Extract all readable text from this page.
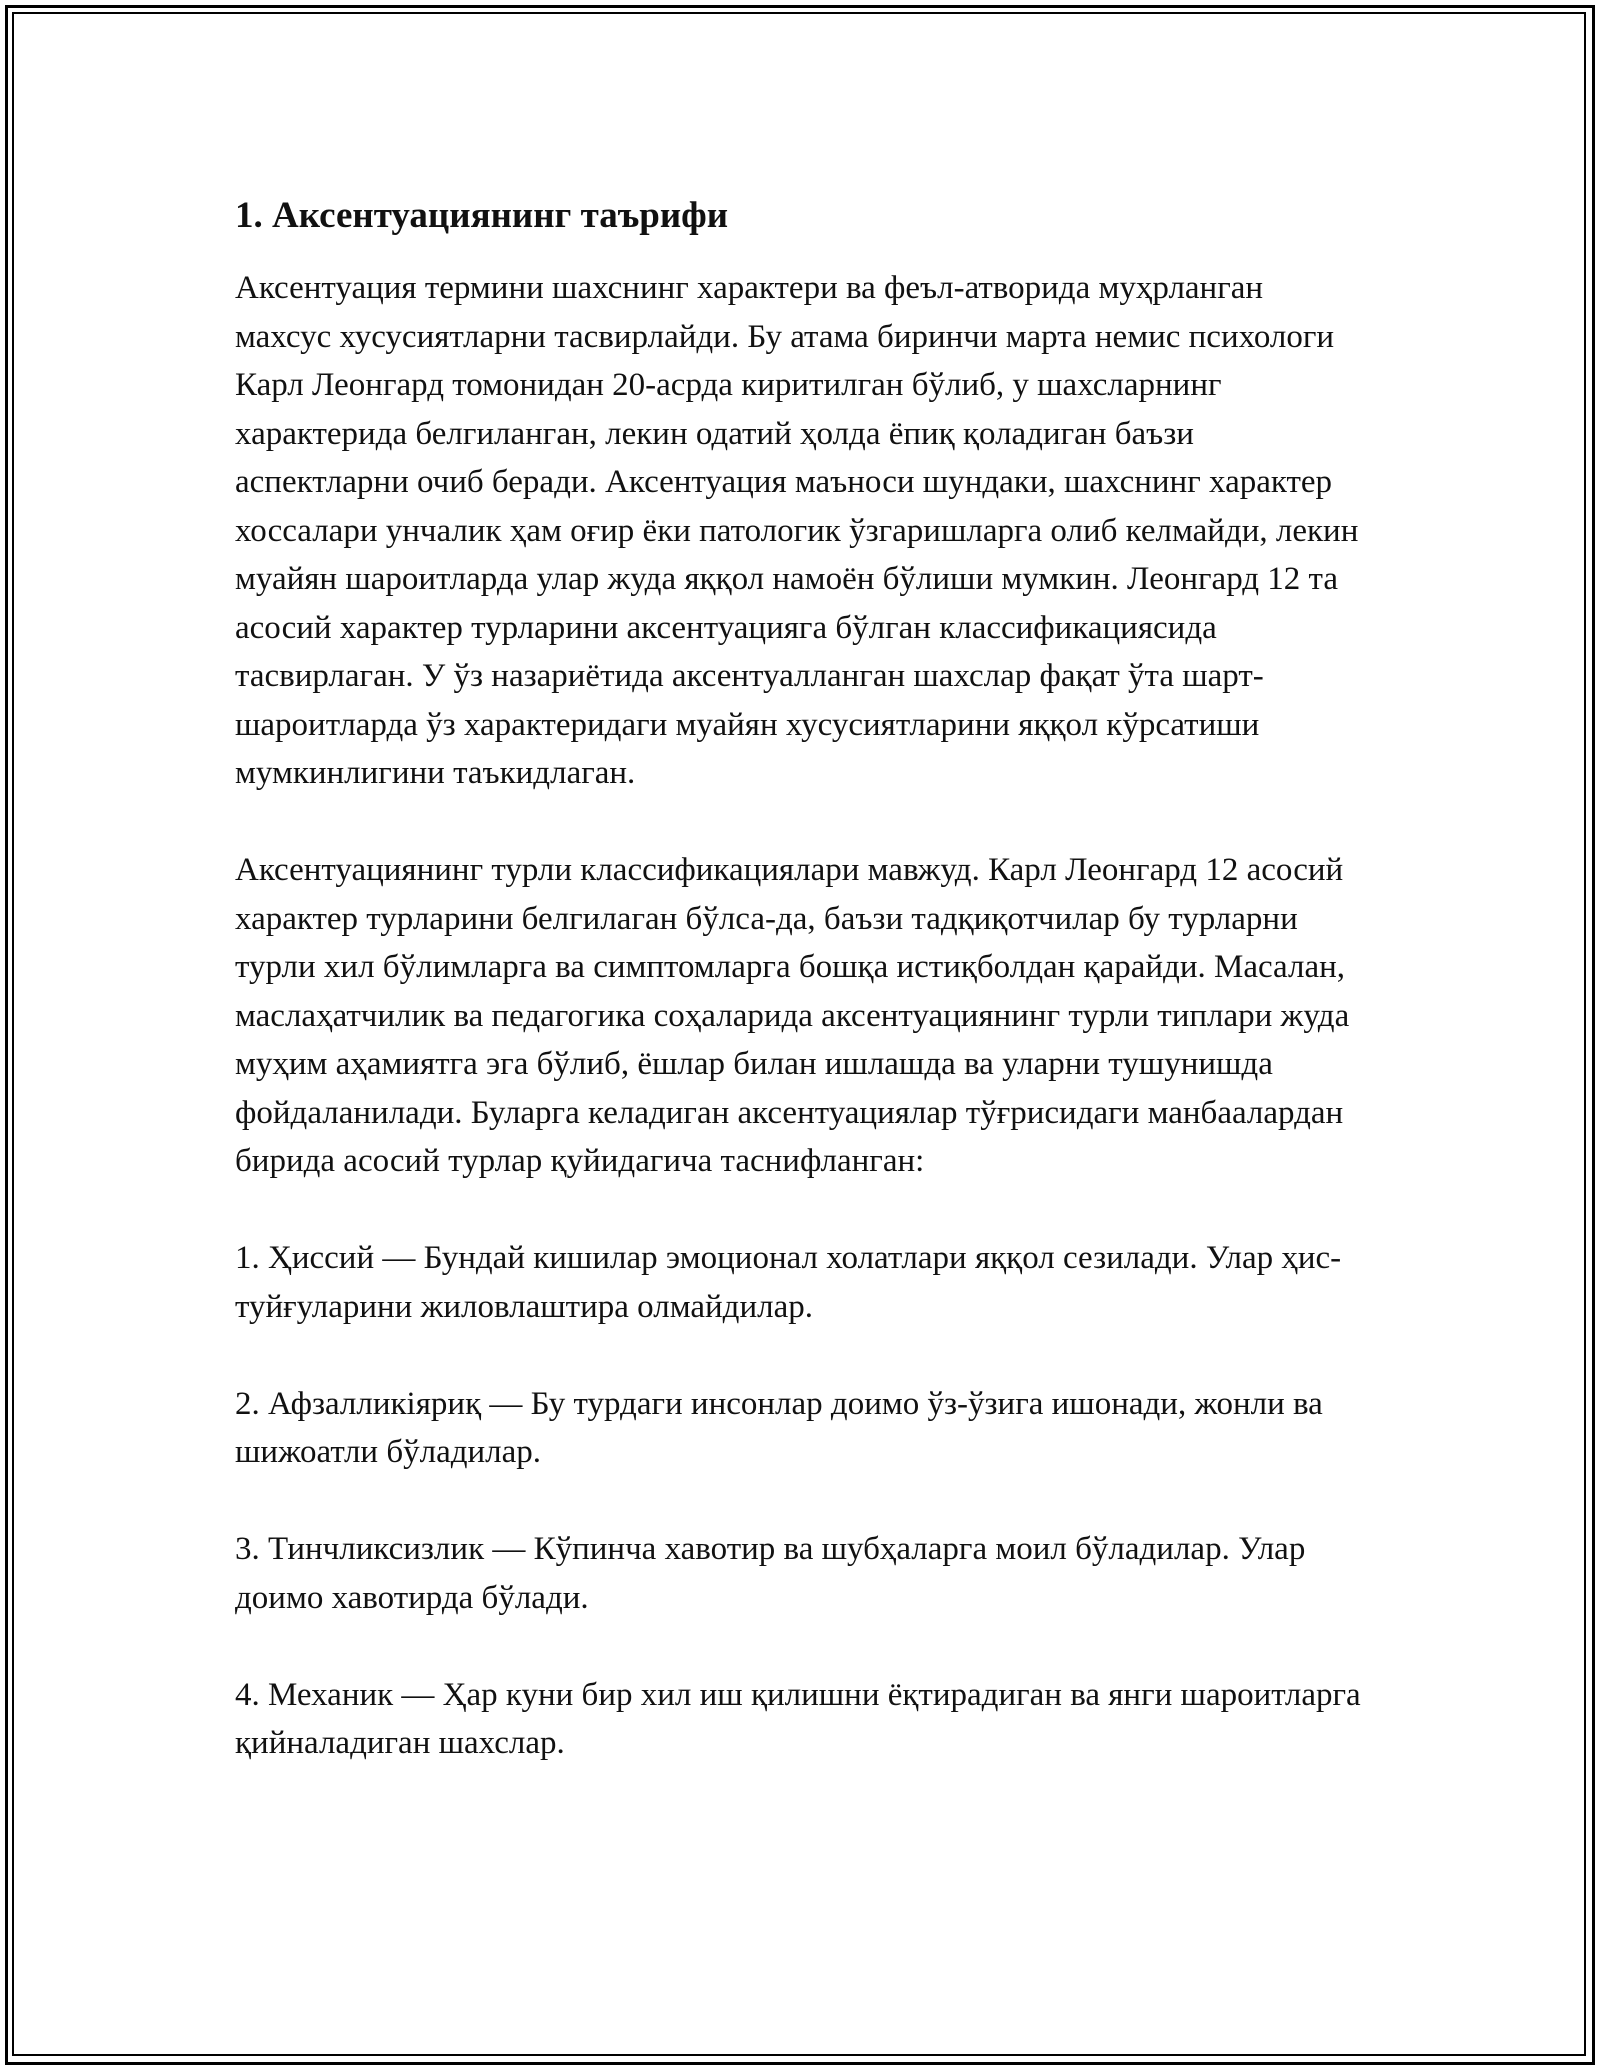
1. Аксентуациянинг таърифи

Аксентуация термини шахснинг характери ва феъл-атворида муҳрланган махсус хусусиятларни тасвирлайди. Бу атама биринчи марта немис психологи Карл Леонгард томонидан 20-асрда киритилган бўлиб, у шахсларнинг характерида белгиланган, лекин одатий ҳолда ёпиқ қоладиган баъзи аспектларни очиб беради. Аксентуация маъноси шундаки, шахснинг характер хоссалари унчалик ҳам оғир ёки патологик ўзгаришларга олиб келмайди, лекин муайян шароитларда улар жуда яққол намоён бўлиши мумкин. Леонгард 12 та асосий характер турларини аксентуацияга бўлган классификациясида тасвирлаган. У ўз назариётида аксентуалланган шахслар фақат ўта шарт-шароитларда ўз характеридаги муайян хусусиятларини яққол кўрсатиши мумкинлигини таъкидлаган.

Аксентуациянинг турли классификациялари мавжуд. Карл Леонгард 12 асосий характер турларини белгилаган бўлса-да, баъзи тадқиқотчилар бу турларни турли хил бўлимларга ва симптомларга бошқа истиқболдан қарайди. Масалан, маслаҳатчилик ва педагогика соҳаларида аксентуациянинг турли типлари жуда муҳим аҳамиятга эга бўлиб, ёшлар билан ишлашда ва уларни тушунишда фойдаланилади. Буларга келадиган аксентуациялар тўғрисидаги манбаалардан бирида асосий турлар қуйидагича таснифланган:

1. Ҳиссий — Бундай кишилар эмоционал холатлари яққол сезилади. Улар ҳис-туйғуларини жиловлаштира олмайдилар.

2. Афзалликіяриқ — Бу турдаги инсонлар доимо ўз-ўзига ишонади, жонли ва шижоатли бўладилар.

3. Тинчликсизлик — Кўпинча хавотир ва шубҳаларга моил бўладилар. Улар доимо хавотирда бўлади.

4. Механик — Ҳар куни бир хил иш қилишни ёқтирадиган ва янги шароитларга қийналадиган шахслар.
